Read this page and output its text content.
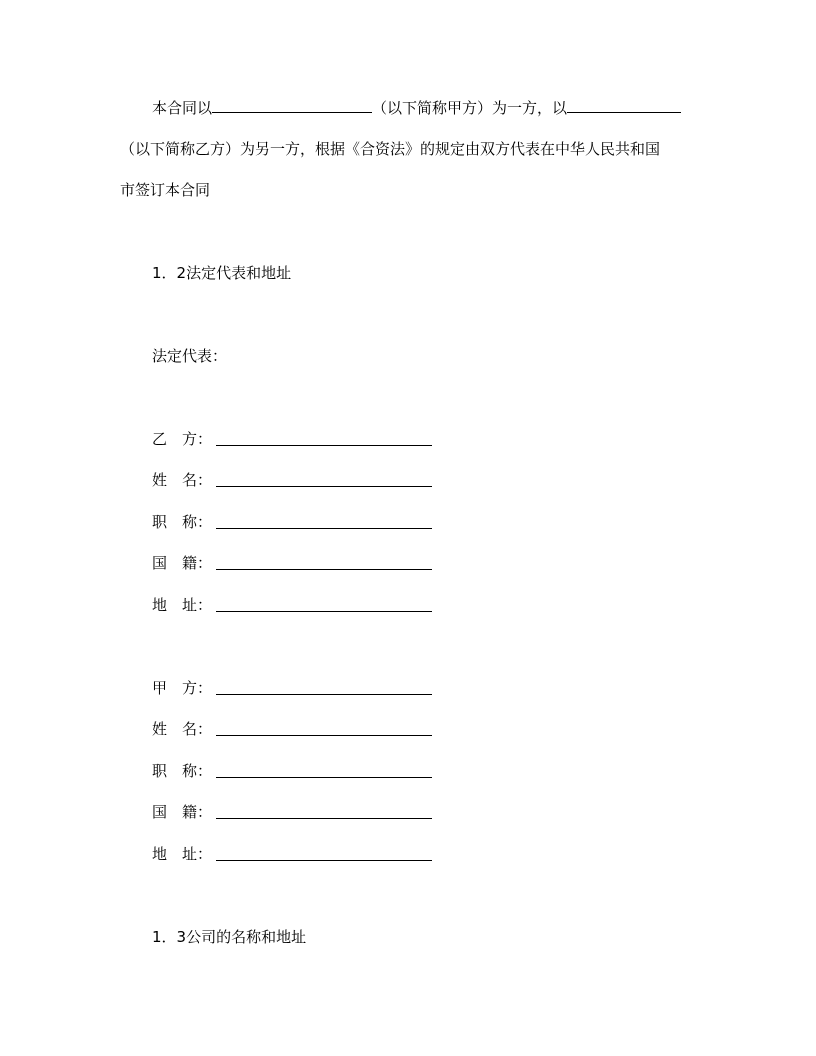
本合同以	（以下简称甲方）为一方，以
（以下简称乙方）为另一方，根据《合资法》的规定由双方代表在中华人民共和国
市签订本合同
1．2法定代表和地址
法定代表：
乙　方：
姓　名：
职　称：
国　籍：
地　址：
甲　方：
姓　名：
职　称：
国　籍：
地　址：
1．3公司的名称和地址
